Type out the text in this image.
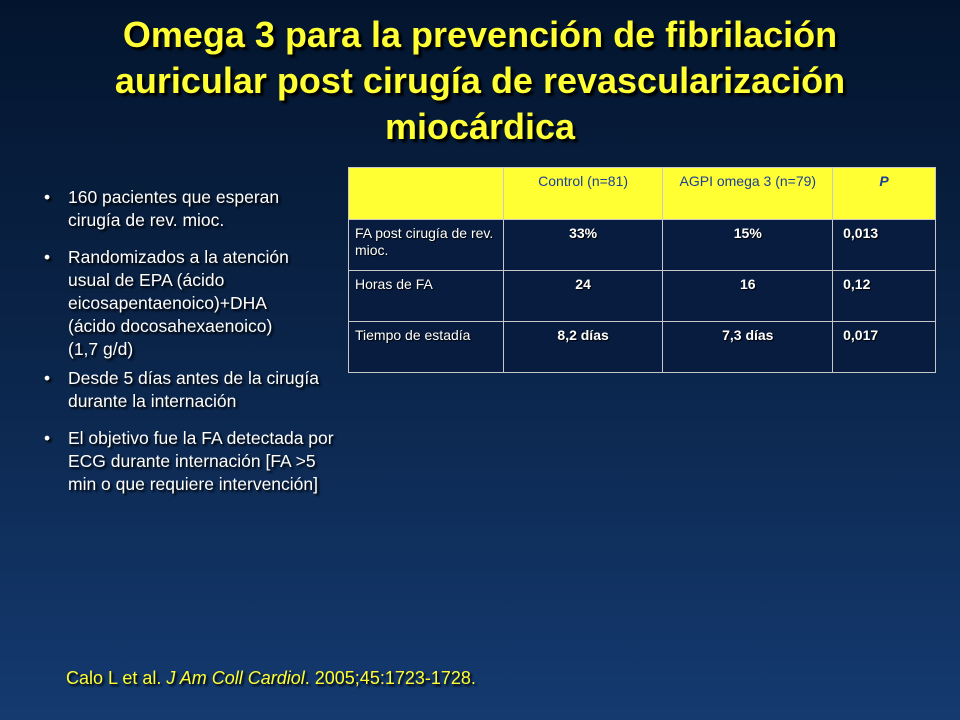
Omega 3 para la prevención de fibrilación
auricular post cirugía de revascularización
miocárdica
• 160 pacientes que esperan
cirugía de rev. mioc.
• Randomizados a la atención
usual de EPA (ácido
eicosapentaenoico)+DHA
(ácido docosahexaenoico)
(1,7 g/d)
• Desde 5 días antes de la cirugía
durante la internación
• El objetivo fue la FA detectada por
ECG durante internación [FA >5
min o que requiere intervención]
	Control (n=81)	AGPI omega 3 (n=79)	P
FA post cirugía de rev. mioc.	33%	15%	0,013
Horas de FA	24	16	0,12
Tiempo de estadía	8,2 días	7,3 días	0,017
Calo L et al. J Am Coll Cardiol. 2005;45:1723-1728.
